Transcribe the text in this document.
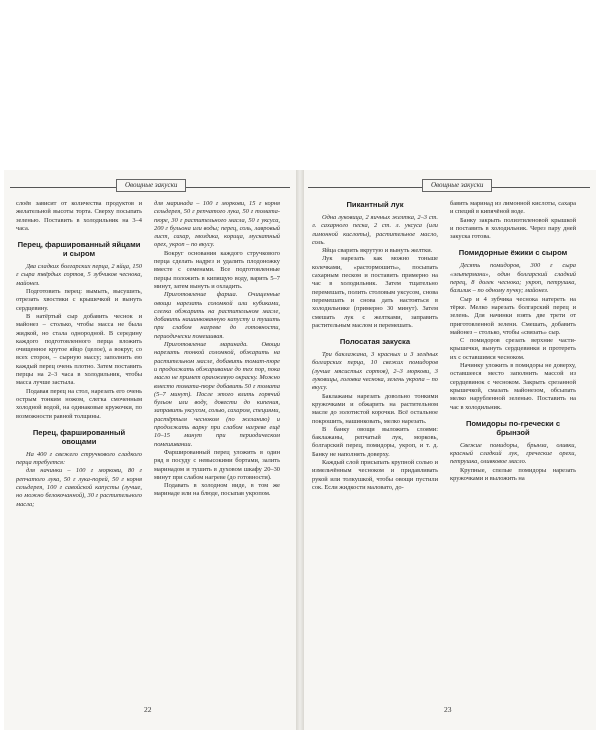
Овощные закуски

слоёв зависит от количества продуктов и желательной высоты торта. Сверху посыпать зеленью. Поставить в холодильник на 3–4 часа.

Перец, фаршированный яйцами и сыром

Два сладких болгарских перца, 2 яйца, 150 г сыра твёрдых сортов, 5 зубчиков чеснока, майонез.

Подготовить перец: вымыть, высушить, отрезать хвостики с крышечкой и вынуть сердцевину.

В натёртый сыр добавить чеснок и майонез – столько, чтобы масса не была жидкой, но стала однородной. В середину каждого подготовленного перца вложить очищенное крутое яйцо (целое), а вокруг, со всех сторон, – сырную массу; заполнить ею каждый перец очень плотно. Затем поставить перцы на 2–3 часа в холодильник, чтобы масса лучше застыла.

Подавая перец на стол, нарезать его очень острым тонким ножом, слегка смоченным холодной водой, на одинаковые кружочки, по возможности равной толщины.

Перец, фаршированный овощами

На 400 г свежего стручкового сладкого перца требуется:

для начинки – 100 г моркови, 80 г репчатого лука, 50 г лука-порей, 50 г корня сельдерея, 100 г савойской капусты (лучше, но можно белокочанной), 30 г растительного масла;

для маринада – 100 г моркови, 15 г корня сельдерея, 50 г репчатого лука, 50 г томата-пюре, 30 г растительного масла, 50 г уксуса, 200 г бульона или воды; перец, соль, лавровый лист, сахар, гвоздика, корица, мускатный орех, укроп – по вкусу.

Вокруг основания каждого стручкового перца сделать надрез и удалить плодоножку вместе с семенами. Все подготовленные перцы положить в кипящую воду, варить 5–7 минут, затем вынуть и охладить.

Приготовление фарша. Очищенные овощи нарезать соломкой или кубиками, слегка обжарить на растительном масле, добавить нашинкованную капусту и тушить при слабом нагреве до готовности, периодически помешивая.

Приготовление маринада. Овощи нарезать тонкой соломкой, обжарить на растительном масле, добавить томат-пюре и продолжать обжаривание до тех пор, пока масло не примет оранжевую окраску. Можно вместо томата-пюре добавить 50 г томата (5–7 минут). После этого влить горячий бульон или воду, довести до кипения, заправить уксусом, солью, сахаром, специями, растёртым чесноком (по желанию) и продолжать варку при слабом нагреве ещё 10–15 минут при периодическом помешивании.

Фаршированный перец уложить в один ряд в посуду с невысокими бортами, залить маринадом и тушить в духовом шкафу 20–30 минут при слабом нагреве (до готовности).

Подавать в холодном виде, в том же маринаде или на блюде, посыпав укропом.

22
Овощные закуски
Пикантный лук

Одна луковица, 2 яичных желтка, 2–3 ст. л. сахарного песка, 2 ст. л. уксуса (или лимонной кислоты), растительное масло, соль.

Яйца сварить вкрутую и вынуть желтки.

Лук нарезать как можно тоньше колечками, «растормошить», посыпать сахарным песком и поставить примерно на час в холодильник. Затем тщательно перемешать, полить столовым уксусом, снова перемешать и снова дать настояться в холодильнике (примерно 30 минут). Затем смешать лук с желтками, заправить растительным маслом и перемешать.

Полосатая закуска

Три баклажана, 3 красных и 3 зелёных болгарских перца, 10 свежих помидоров (лучше мясистых сортов), 2–3 моркови, 3 луковицы, головка чеснока, зелень укропа – по вкусу.

Баклажаны нарезать довольно тонкими кружочками и обжарить на растительном масле до золотистой корочки. Всё остальное покрошить, нашинковать, мелко нарезать.

В банку овощи выложить слоями: баклажаны, репчатый лук, морковь, болгарский перец, помидоры, укроп, и т. д. Банку не наполнять доверху.

Каждый слой присыпать крупной солью и измельчённым чесноком и придавливать рукой или толкушкой, чтобы овощи пустили сок. Если жидкости маловато, до-

бавить маринад из лимонной кислоты, сахара и специй в кипячёной воде.

Банку закрыть полиэтиленовой крышкой и поставить в холодильник. Через пару дней закуска готова.

Помидорные ёжики с сыром

Десять помидоров, 300 г сыра «эльтермани», один болгарский сладкий перец, 8 долек чеснока; укроп, петрушка, базилик – по одному пучку; майонез.

Сыр и 4 зубчика чеснока натереть на тёрке. Мелко нарезать болгарский перец и зелень. Для начинки взять две трети от приготовленной зелени. Смешать, добавить майонез – столько, чтобы «связать» сыр.

С помидоров срезать верхние части-крышечки, вынуть сердцевинки и протереть их с оставшимся чесноком.

Начинку уложить в помидоры не доверху, оставшееся место заполнить массой из сердцевинок с чесноком. Закрыть срезанной крышечкой, смазать майонезом, обсыпать мелко нарубленной зеленью. Поставить на час в холодильник.

Помидоры по-гречески с брынзой

Свежие помидоры, брынза, оливки, красный сладкий лук, греческие орехи, петрушка, оливковое масло.

Крупные, спелые помидоры нарезать кружочками и выложить на

23
